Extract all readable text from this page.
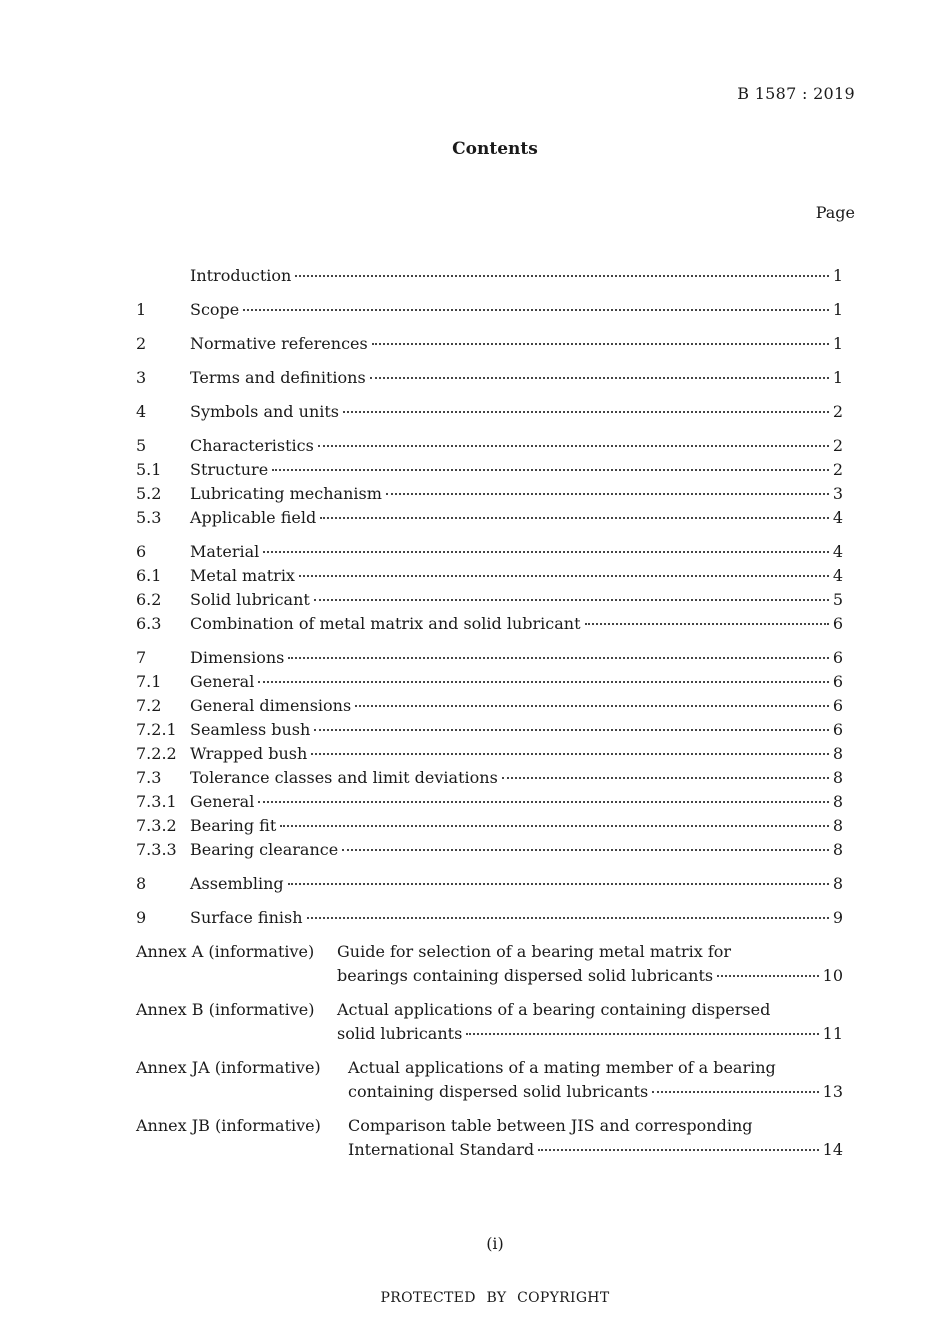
B 1587 : 2019
Contents
Page
Introduction	1
1	Scope	1
2	Normative references	1
3	Terms and definitions	1
4	Symbols and units	2
5	Characteristics	2
5.1	Structure	2
5.2	Lubricating mechanism	3
5.3	Applicable field	4
6	Material	4
6.1	Metal matrix	4
6.2	Solid lubricant	5
6.3	Combination of metal matrix and solid lubricant	6
7	Dimensions	6
7.1	General	6
7.2	General dimensions	6
7.2.1 Seamless bush	6
7.2.2 Wrapped bush	8
7.3	Tolerance classes and limit deviations	8
7.3.1 General	8
7.3.2 Bearing fit	8
7.3.3 Bearing clearance	8
8	Assembling	8
9	Surface finish	9
Annex A (informative)	Guide for selection of a bearing metal matrix for
bearings containing dispersed solid lubricants	10
Annex B (informative)	Actual applications of a bearing containing dispersed
solid lubricants	11
Annex JA (informative)	Actual applications of a mating member of a bearing
containing dispersed solid lubricants	13
Annex JB (informative)	Comparison table between JIS and corresponding
International Standard	14
(i)
PROTECTED BY COPYRIGHT
